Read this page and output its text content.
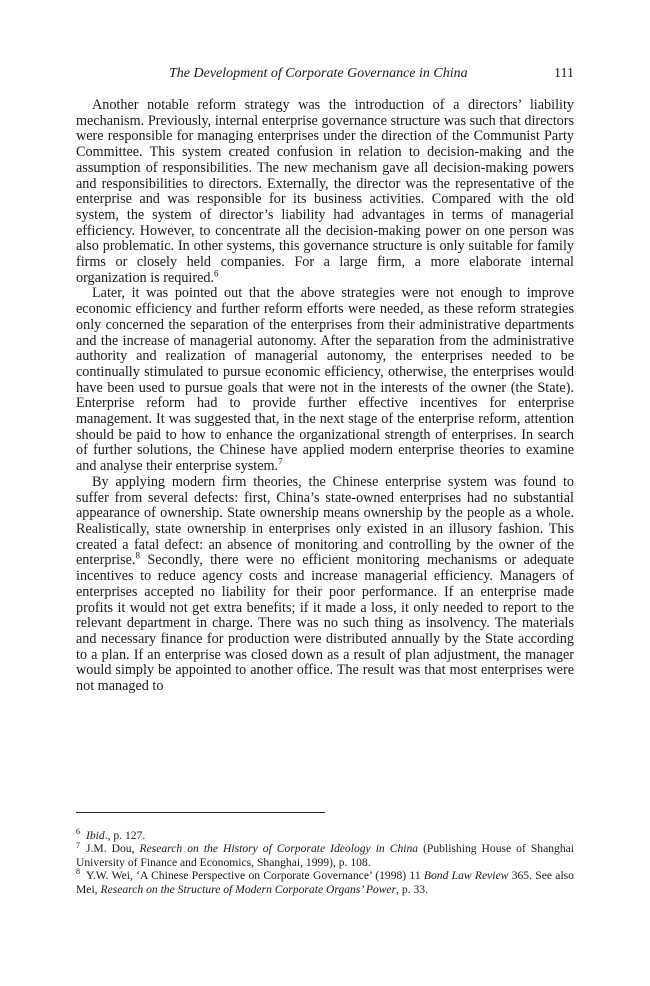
The Development of Corporate Governance in China	111

Another notable reform strategy was the introduction of a directors’ liability mechanism. Previously, internal enterprise governance structure was such that directors were responsible for managing enterprises under the direction of the Communist Party Committee. This system created confusion in relation to decision-making and the assumption of responsibilities. The new mechanism gave all decision-making powers and responsibilities to directors. Externally, the director was the representative of the enterprise and was responsible for its business activities. Compared with the old system, the system of director’s liability had advantages in terms of managerial efficiency. However, to concentrate all the decision-making power on one person was also problematic. In other systems, this governance structure is only suitable for family firms or closely held companies. For a large firm, a more elaborate internal organization is required.$^6$

Later, it was pointed out that the above strategies were not enough to improve economic efficiency and further reform efforts were needed, as these reform strategies only concerned the separation of the enterprises from their administrative departments and the increase of managerial autonomy. After the separation from the administrative authority and realization of managerial autonomy, the enterprises needed to be continually stimulated to pursue economic efficiency, otherwise, the enterprises would have been used to pursue goals that were not in the interests of the owner (the State). Enterprise reform had to provide further effective incentives for enterprise management. It was suggested that, in the next stage of the enterprise reform, attention should be paid to how to enhance the organizational strength of enterprises. In search of further solutions, the Chinese have applied modern enterprise theories to examine and analyse their enterprise system.$^7$

By applying modern firm theories, the Chinese enterprise system was found to suffer from several defects: first, China’s state-owned enterprises had no substantial appearance of ownership. State ownership means ownership by the people as a whole. Realistically, state ownership in enterprises only existed in an illusory fashion. This created a fatal defect: an absence of monitoring and controlling by the owner of the enterprise.$^8$ Secondly, there were no efficient monitoring mechanisms or adequate incentives to reduce agency costs and increase managerial efficiency. Managers of enterprises accepted no liability for their poor performance. If an enterprise made profits it would not get extra benefits; if it made a loss, it only needed to report to the relevant department in charge. There was no such thing as insolvency. The materials and necessary finance for production were distributed annually by the State according to a plan. If an enterprise was closed down as a result of plan adjustment, the manager would simply be appointed to another office. The result was that most enterprises were not managed to

$^6$ Ibid., p. 127.

$^7$ J.M. Dou, Research on the History of Corporate Ideology in China (Publishing House of Shanghai University of Finance and Economics, Shanghai, 1999), p. 108.

$^8$ Y.W. Wei, ‘A Chinese Perspective on Corporate Governance’ (1998) 11 Bond Law Review 365. See also Mei, Research on the Structure of Modern Corporate Organs’ Power, p. 33.
